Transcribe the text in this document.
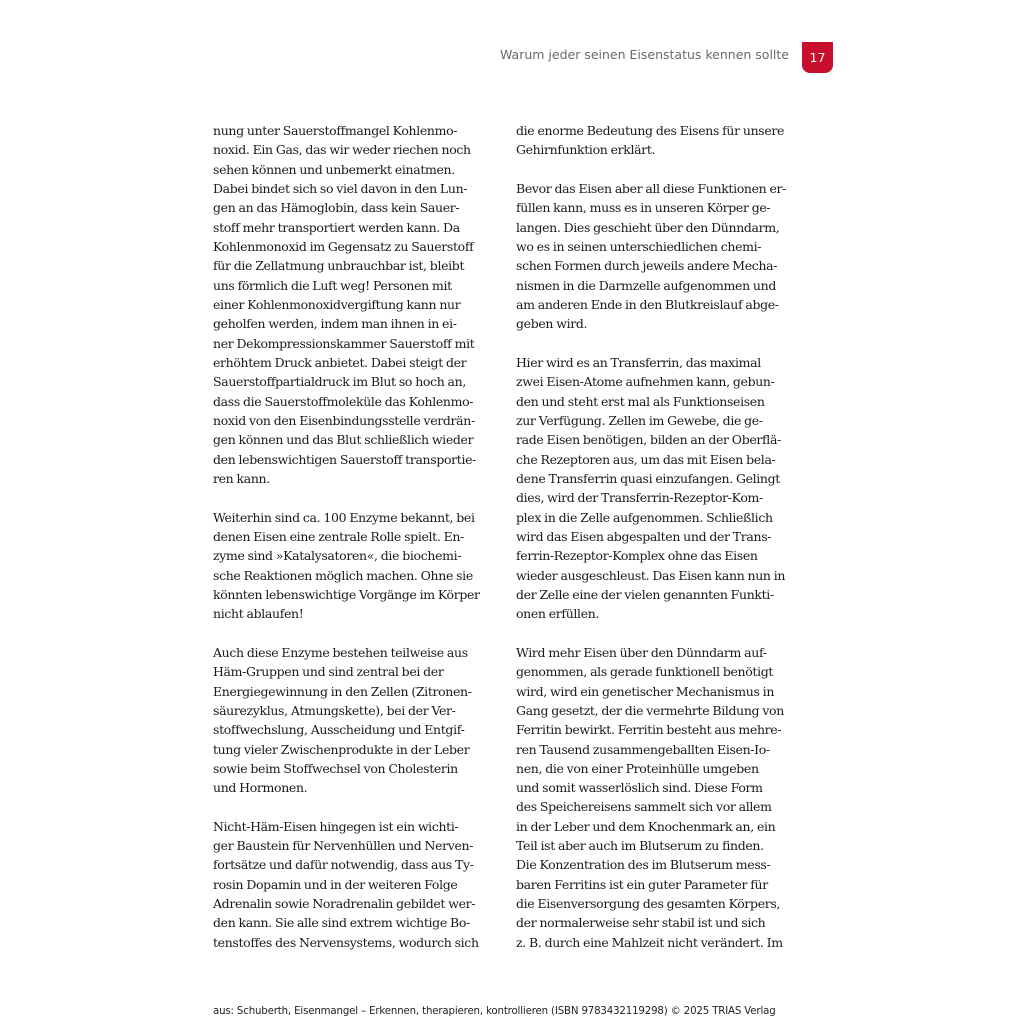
Warum jeder seinen Eisenstatus kennen sollte 17

nung unter Sauerstoffmangel Kohlenmo-
noxid. Ein Gas, das wir weder riechen noch
sehen können und unbemerkt einatmen.
Dabei bindet sich so viel davon in den Lun-
gen an das Hämoglobin, dass kein Sauer-
stoff mehr transportiert werden kann. Da
Kohlenmonoxid im Gegensatz zu Sauerstoff
für die Zellatmung unbrauchbar ist, bleibt
uns förmlich die Luft weg! Personen mit
einer Kohlenmonoxidvergiftung kann nur
geholfen werden, indem man ihnen in ei-
ner Dekompressionskammer Sauerstoff mit
erhöhtem Druck anbietet. Dabei steigt der
Sauerstoffpartialdruck im Blut so hoch an,
dass die Sauerstoffmoleküle das Kohlenmo-
noxid von den Eisenbindungsstelle verdrän-
gen können und das Blut schließlich wieder
den lebenswichtigen Sauerstoff transportie-
ren kann.

Weiterhin sind ca. 100 Enzyme bekannt, bei
denen Eisen eine zentrale Rolle spielt. En-
zyme sind »Katalysatoren«, die biochemi-
sche Reaktionen möglich machen. Ohne sie
könnten lebenswichtige Vorgänge im Körper
nicht ablaufen!

Auch diese Enzyme bestehen teilweise aus
Häm-Gruppen und sind zentral bei der
Energiegewinnung in den Zellen (Zitronen-
säurezyklus, Atmungskette), bei der Ver-
stoffwechslung, Ausscheidung und Entgif-
tung vieler Zwischenprodukte in der Leber
sowie beim Stoffwechsel von Cholesterin
und Hormonen.

Nicht-Häm-Eisen hingegen ist ein wichti-
ger Baustein für Nervenhüllen und Nerven-
fortsätze und dafür notwendig, dass aus Ty-
rosin Dopamin und in der weiteren Folge
Adrenalin sowie Noradrenalin gebildet wer-
den kann. Sie alle sind extrem wichtige Bo-
tenstoffes des Nervensystems, wodurch sich

die enorme Bedeutung des Eisens für unsere
Gehirnfunktion erklärt.

Bevor das Eisen aber all diese Funktionen er-
füllen kann, muss es in unseren Körper ge-
langen. Dies geschieht über den Dünndarm,
wo es in seinen unterschiedlichen chemi-
schen Formen durch jeweils andere Mecha-
nismen in die Darmzelle aufgenommen und
am anderen Ende in den Blutkreislauf abge-
geben wird.

Hier wird es an Transferrin, das maximal
zwei Eisen-Atome aufnehmen kann, gebun-
den und steht erst mal als Funktionseisen
zur Verfügung. Zellen im Gewebe, die ge-
rade Eisen benötigen, bilden an der Oberflä-
che Rezeptoren aus, um das mit Eisen bela-
dene Transferrin quasi einzufangen. Gelingt
dies, wird der Transferrin-Rezeptor-Kom-
plex in die Zelle aufgenommen. Schließlich
wird das Eisen abgespalten und der Trans-
ferrin-Rezeptor-Komplex ohne das Eisen
wieder ausgeschleust. Das Eisen kann nun in
der Zelle eine der vielen genannten Funkti-
onen erfüllen.

Wird mehr Eisen über den Dünndarm auf-
genommen, als gerade funktionell benötigt
wird, wird ein genetischer Mechanismus in
Gang gesetzt, der die vermehrte Bildung von
Ferritin bewirkt. Ferritin besteht aus mehre-
ren Tausend zusammengeballten Eisen-Io-
nen, die von einer Proteinhülle umgeben
und somit wasserlöslich sind. Diese Form
des Speichereisens sammelt sich vor allem
in der Leber und dem Knochenmark an, ein
Teil ist aber auch im Blutserum zu finden.
Die Konzentration des im Blutserum mess-
baren Ferritins ist ein guter Parameter für
die Eisenversorgung des gesamten Körpers,
der normalerweise sehr stabil ist und sich
z. B. durch eine Mahlzeit nicht verändert. Im

aus: Schuberth, Eisenmangel – Erkennen, therapieren, kontrollieren (ISBN 9783432119298) © 2025 TRIAS Verlag
